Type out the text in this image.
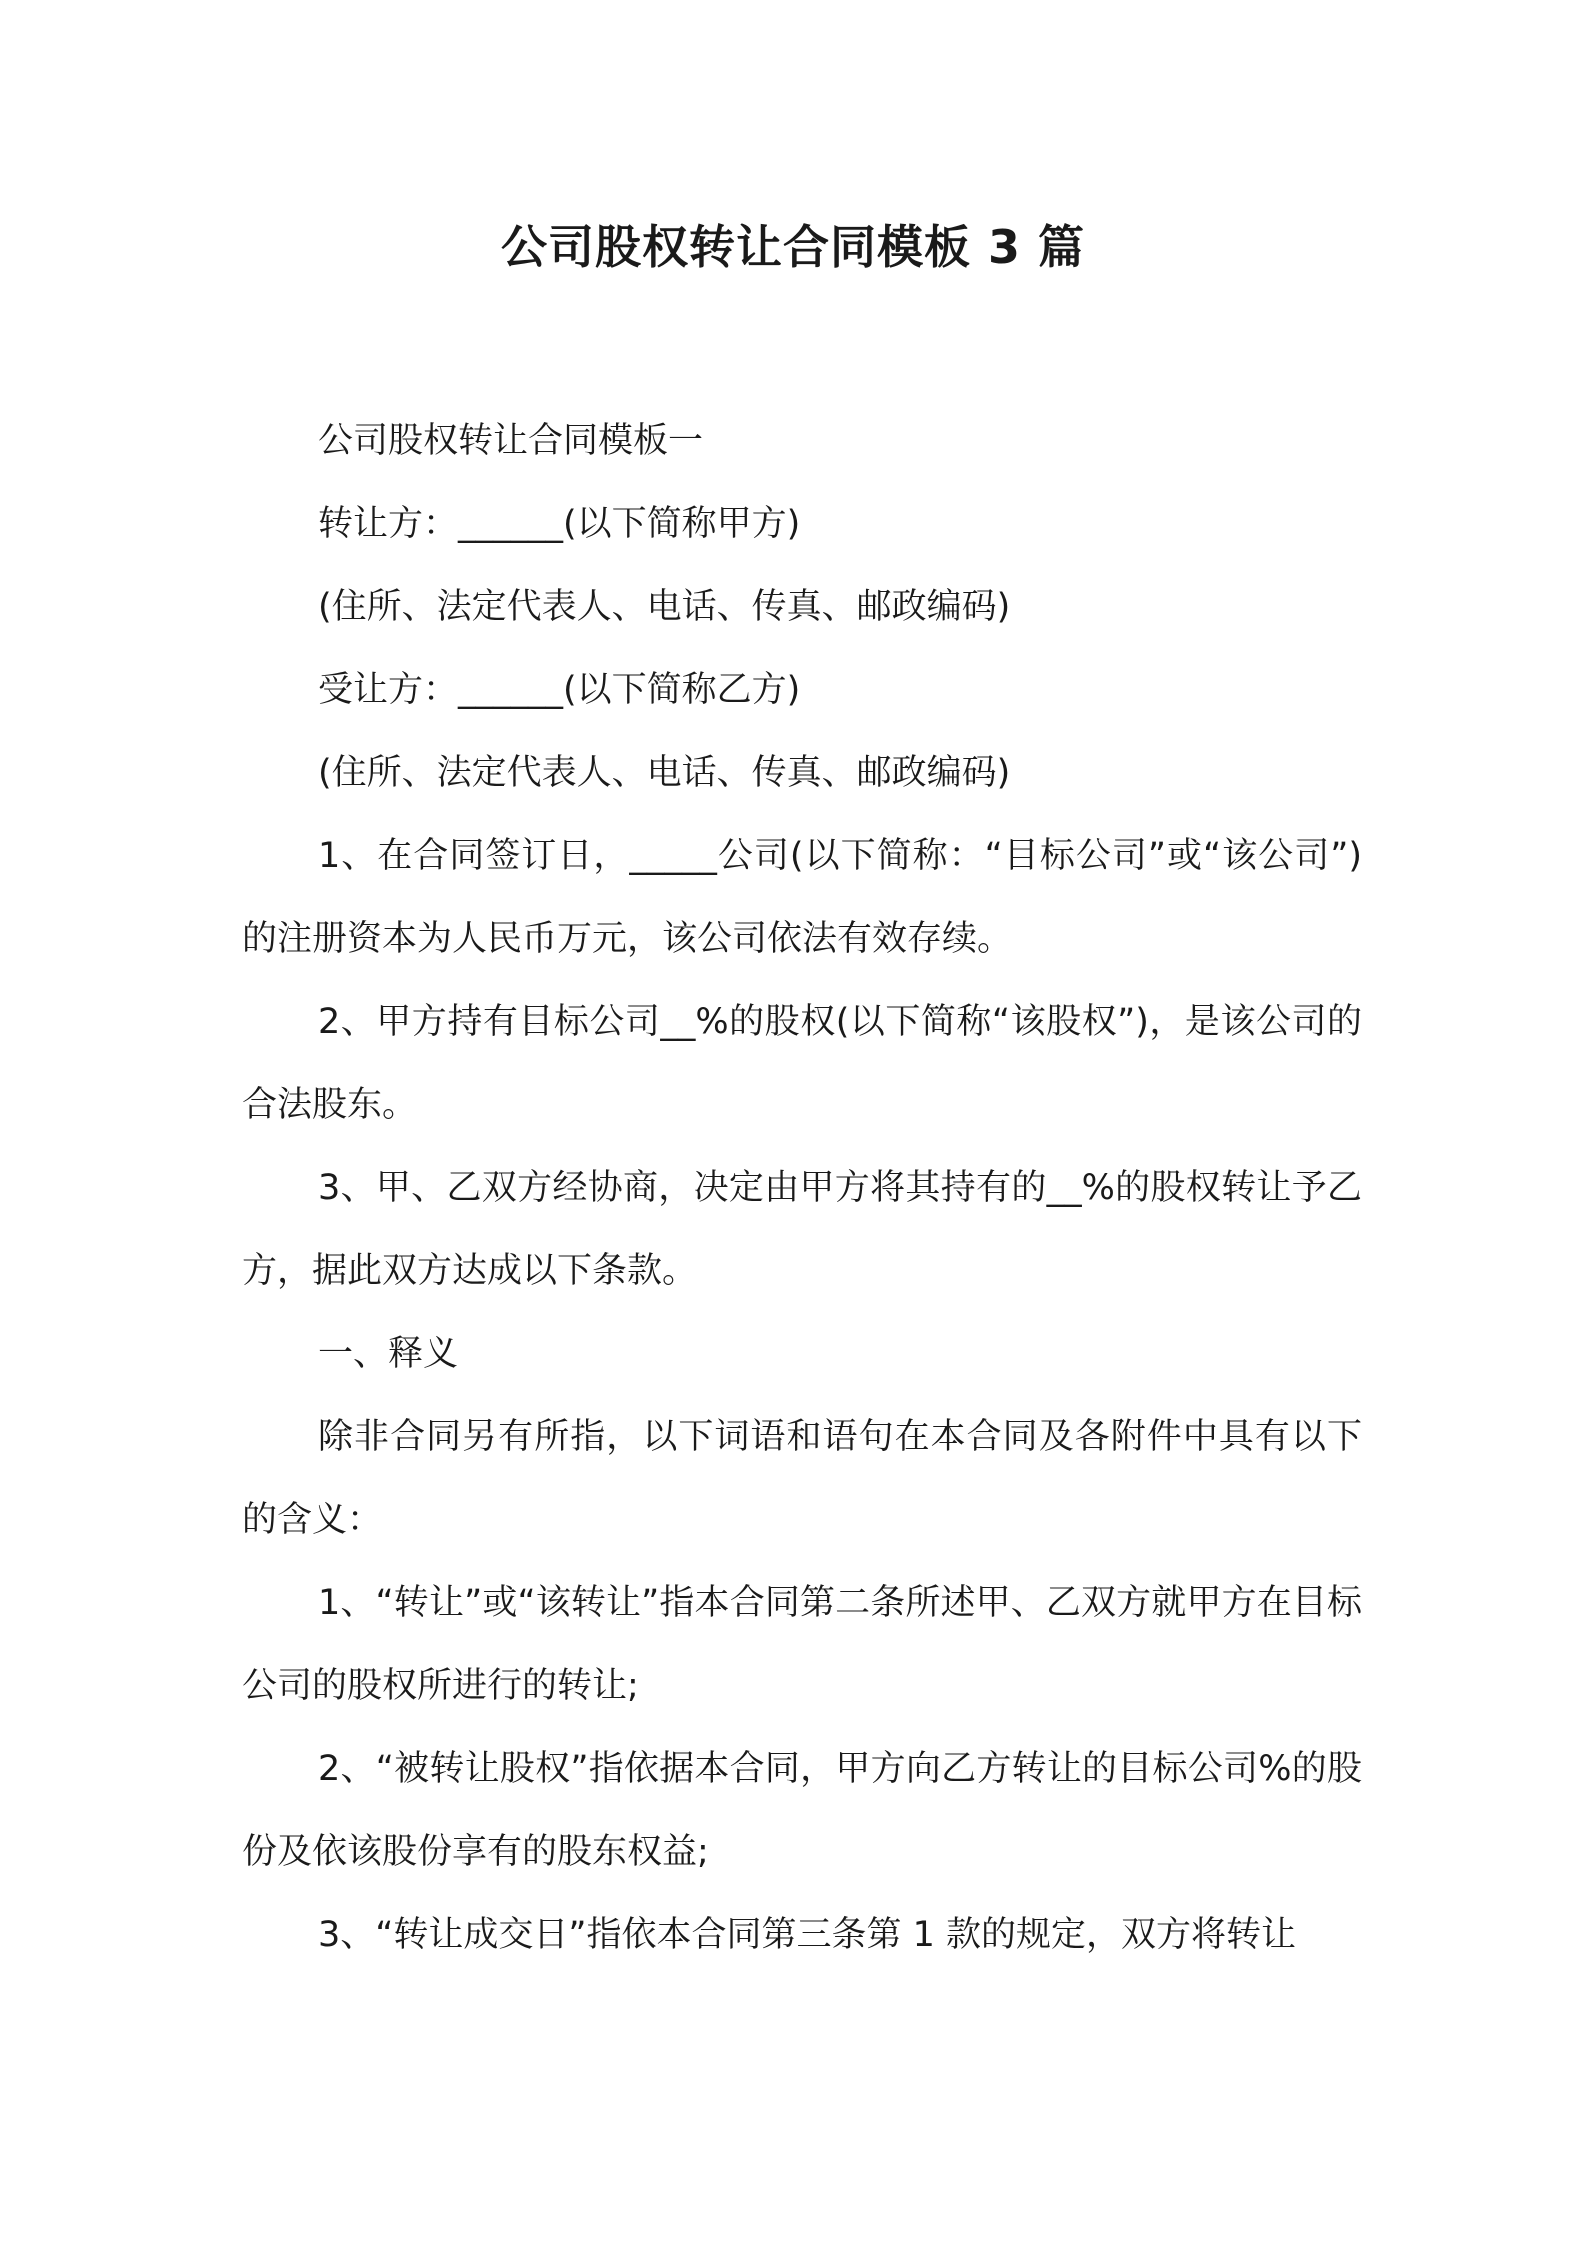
公司股权转让合同模板 3 篇

公司股权转让合同模板一

转让方：______(以下简称甲方)

(住所、法定代表人、电话、传真、邮政编码)

受让方：______(以下简称乙方)

(住所、法定代表人、电话、传真、邮政编码)

1、在合同签订日，_____公司(以下简称：“目标公司”或“该公司”)的注册资本为人民币万元，该公司依法有效存续。

2、甲方持有目标公司__%的股权(以下简称“该股权”)，是该公司的合法股东。

3、甲、乙双方经协商，决定由甲方将其持有的__%的股权转让予乙方，据此双方达成以下条款。

一、释义

除非合同另有所指，以下词语和语句在本合同及各附件中具有以下的含义：

1、“转让”或“该转让”指本合同第二条所述甲、乙双方就甲方在目标公司的股权所进行的转让;

2、“被转让股权”指依据本合同，甲方向乙方转让的目标公司%的股份及依该股份享有的股东权益;

3、“转让成交日”指依本合同第三条第 1 款的规定，双方将转让
